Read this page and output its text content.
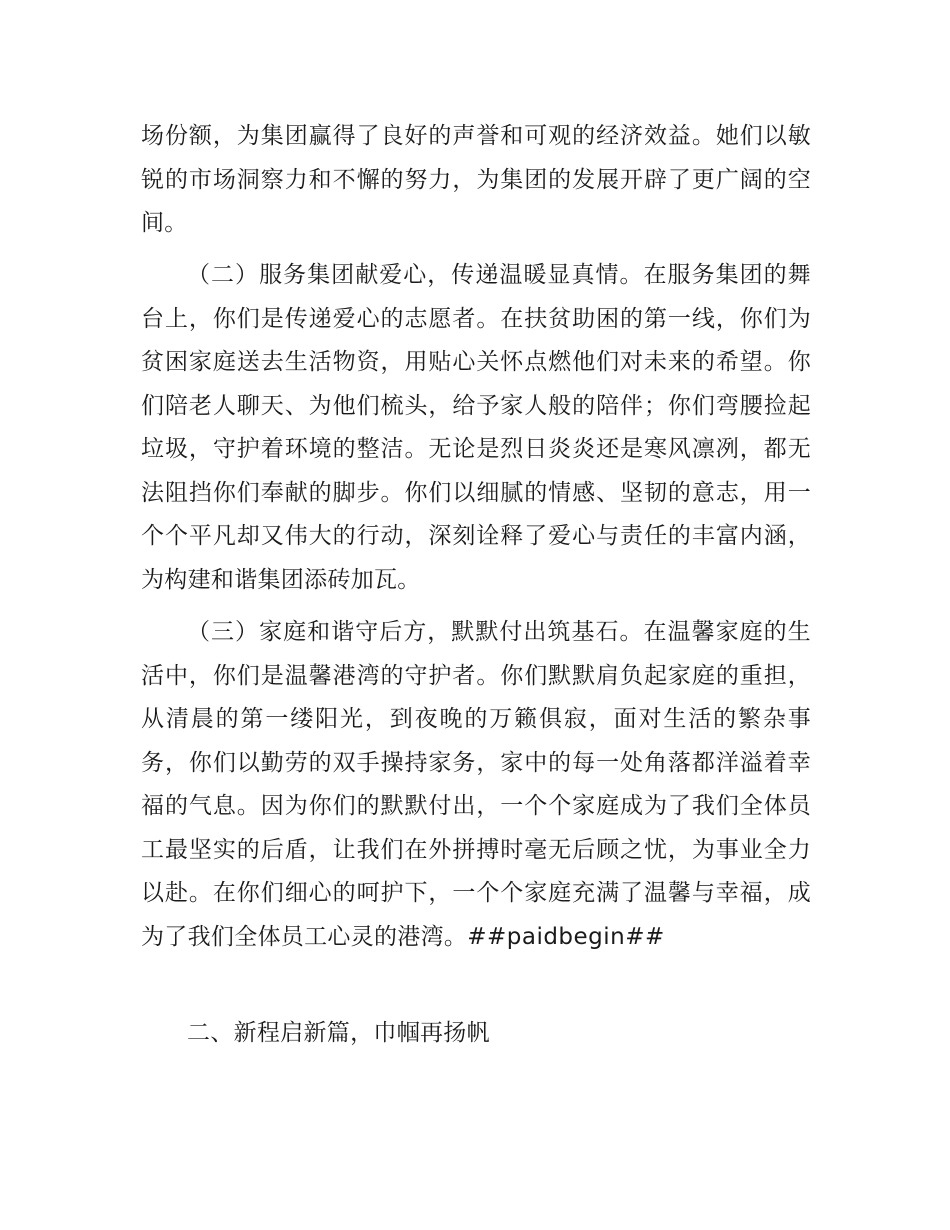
场份额，为集团赢得了良好的声誉和可观的经济效益。她们以敏锐的市场洞察力和不懈的努力，为集团的发展开辟了更广阔的空间。

（二）服务集团献爱心，传递温暖显真情。在服务集团的舞台上，你们是传递爱心的志愿者。在扶贫助困的第一线，你们为贫困家庭送去生活物资，用贴心关怀点燃他们对未来的希望。你们陪老人聊天、为他们梳头，给予家人般的陪伴；你们弯腰捡起垃圾，守护着环境的整洁。无论是烈日炎炎还是寒风凛冽，都无法阻挡你们奉献的脚步。你们以细腻的情感、坚韧的意志，用一个个平凡却又伟大的行动，深刻诠释了爱心与责任的丰富内涵，为构建和谐集团添砖加瓦。

（三）家庭和谐守后方，默默付出筑基石。在温馨家庭的生活中，你们是温馨港湾的守护者。你们默默肩负起家庭的重担，从清晨的第一缕阳光，到夜晚的万籁俱寂，面对生活的繁杂事务，你们以勤劳的双手操持家务，家中的每一处角落都洋溢着幸福的气息。因为你们的默默付出，一个个家庭成为了我们全体员工最坚实的后盾，让我们在外拼搏时毫无后顾之忧，为事业全力以赴。在你们细心的呵护下，一个个家庭充满了温馨与幸福，成为了我们全体员工心灵的港湾。##paidbegin##

二、新程启新篇，巾帼再扬帆
